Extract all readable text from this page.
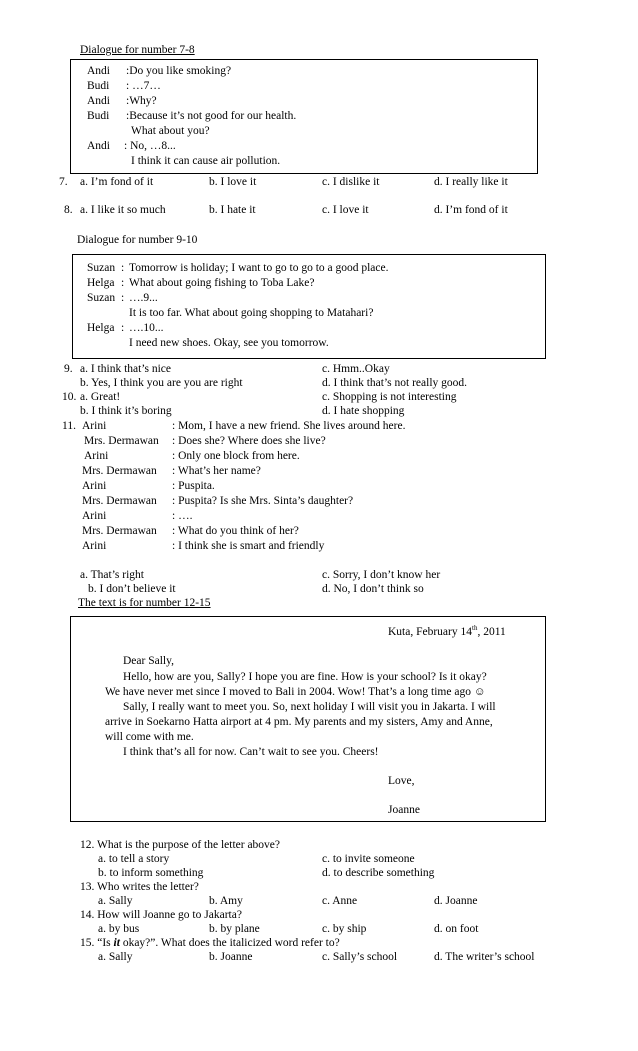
Dialogue for number 7-8
Andi :Do you like smoking?
Budi : …7…
Andi :Why?
Budi :Because it’s not good for our health.
What about you?
Andi : No, …8...
I think it can cause air pollution.
7. a. I’m fond of it	b. I love it	c. I dislike it	d. I really like it
8. a. I like it so much	b. I hate it	c. I love it	d. I’m fond of it
Dialogue for number 9-10
Suzan : Tomorrow is holiday; I want to go to go to a good place.
Helga : What about going fishing to Toba Lake?
Suzan : ….9...
It is too far. What about going shopping to Matahari?
Helga : ….10...
I need new shoes. Okay, see you tomorrow.
9. a. I think that’s nice	c. Hmm..Okay
b. Yes, I think you are you are right	d. I think that’s not really good.
10. a. Great!	c. Shopping is not interesting
b. I think it’s boring	d. I hate shopping
11. Arini	: Mom, I have a new friend. She lives around here.
Mrs. Dermawan : Does she? Where does she live?
Arini	: Only one block from here.
Mrs. Dermawan : What’s her name?
Arini	: Puspita.
Mrs. Dermawan : Puspita? Is she Mrs. Sinta’s daughter?
Arini	: ….
Mrs. Dermawan : What do you think of her?
Arini	: I think she is smart and friendly
a. That’s right	c. Sorry, I don’t know her
b. I don’t believe it	d. No, I don’t think so
The text is for number 12-15
Kuta, February 14th, 2011
Dear Sally,
Hello, how are you, Sally? I hope you are fine. How is your school? Is it okay?
We have never met since I moved to Bali in 2004. Wow! That’s a long time ago ☺
Sally, I really want to meet you. So, next holiday I will visit you in Jakarta. I will
arrive in Soekarno Hatta airport at 4 pm. My parents and my sisters, Amy and Anne,
will come with me.
I think that’s all for now. Can’t wait to see you. Cheers!
Love,
Joanne
12. What is the purpose of the letter above?
a. to tell a story	c. to invite someone
b. to inform something	d. to describe something
13. Who writes the letter?
a. Sally	b. Amy	c. Anne	d. Joanne
14. How will Joanne go to Jakarta?
a. by bus	b. by plane	c. by ship	d. on foot
15. “Is it okay?”. What does the italicized word refer to?
a. Sally	b. Joanne	c. Sally’s school	d. The writer’s school
